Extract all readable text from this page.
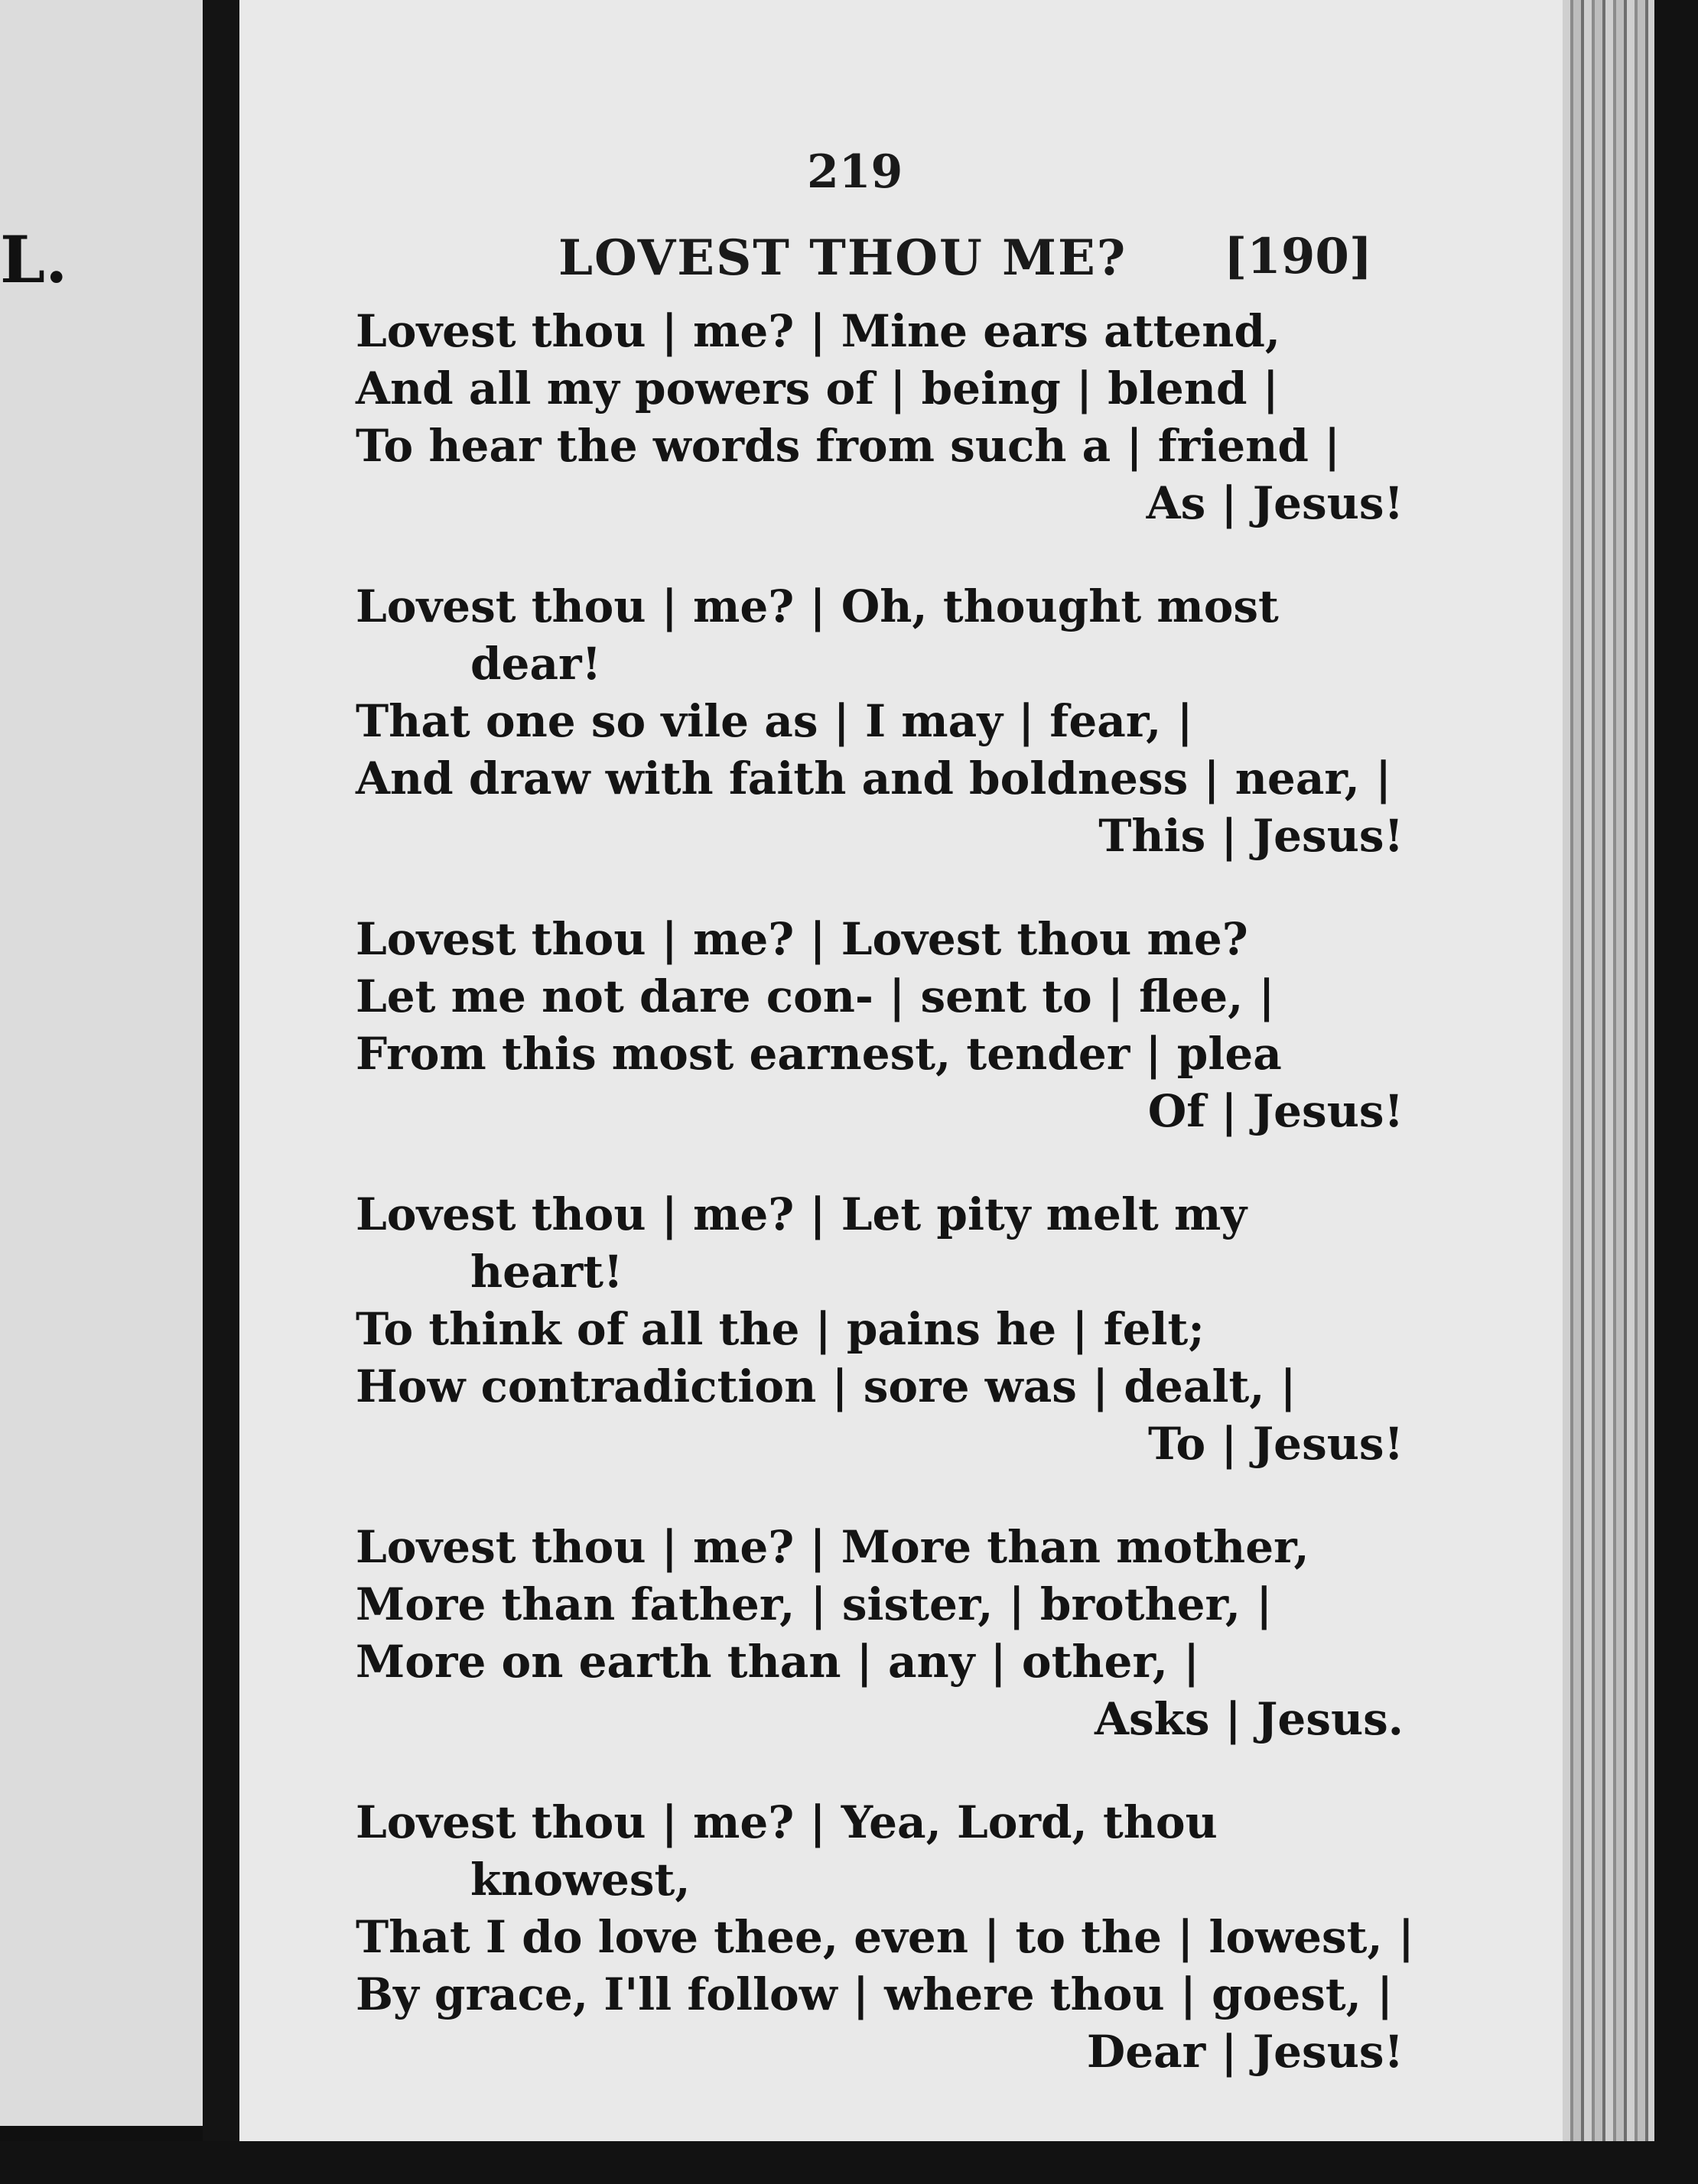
L.
219
LOVEST THOU ME? [190]
Lovest thou | me? | Mine ears attend,
And all my powers of | being | blend |
To hear the words from such a | friend |
As | Jesus!
Lovest thou | me? | Oh, thought most
dear!
That one so vile as | I may | fear, |
And draw with faith and boldness | near, |
This | Jesus!
Lovest thou | me? | Lovest thou me?
Let me not dare con- | sent to | flee, |
From this most earnest, tender | plea
Of | Jesus!
Lovest thou | me? | Let pity melt my
heart!
To think of all the | pains he | felt;
How contradiction | sore was | dealt, |
To | Jesus!
Lovest thou | me? | More than mother,
More than father, | sister, | brother, |
More on earth than | any | other, |
Asks | Jesus.
Lovest thou | me? | Yea, Lord, thou
knowest,
That I do love thee, even | to the | lowest, |
By grace, I'll follow | where thou | goest, |
Dear | Jesus!
